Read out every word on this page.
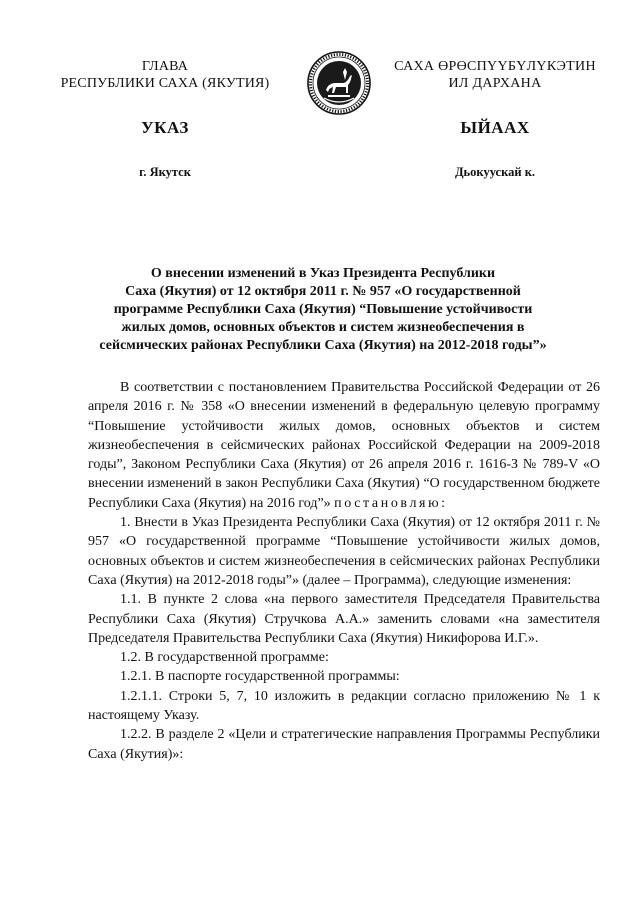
ГЛАВА
РЕСПУБЛИКИ САХА (ЯКУТИЯ)
САХА ӨРӨСПҮҮБҮЛҮКЭТИН
ИЛ ДАРХАНА
УКАЗ	ЫЙААХ
г. Якутск	Дьокуускай к.
О внесении изменений в Указ Президента Республики
Саха (Якутия) от 12 октября 2011 г. № 957 «О государственной
программе Республики Саха (Якутия) “Повышение устойчивости
жилых домов, основных объектов и систем жизнеобеспечения в
сейсмических районах Республики Саха (Якутия) на 2012-2018 годы”»

В соответствии с постановлением Правительства Российской Федерации от 26 апреля 2016 г. № 358 «О внесении изменений в федеральную целевую программу “Повышение устойчивости жилых домов, основных объектов и систем жизнеобеспечения в сейсмических районах Российской Федерации на 2009-2018 годы”, Законом Республики Саха (Якутия) от 26 апреля 2016 г. 1616-З № 789-V «О внесении изменений в закон Республики Саха (Якутия) “О государственном бюджете Республики Саха (Якутия) на 2016 год”» постановляю:

1. Внести в Указ Президента Республики Саха (Якутия) от 12 октября 2011 г. № 957 «О государственной программе “Повышение устойчивости жилых домов, основных объектов и систем жизнеобеспечения в сейсмических районах Республики Саха (Якутия) на 2012-2018 годы”» (далее – Программа), следующие изменения:

1.1. В пункте 2 слова «на первого заместителя Председателя Правительства Республики Саха (Якутия) Стручкова А.А.» заменить словами «на заместителя Председателя Правительства Республики Саха (Якутия) Никифорова И.Г.».

1.2. В государственной программе:

1.2.1. В паспорте государственной программы:

1.2.1.1. Строки 5, 7, 10 изложить в редакции согласно приложению № 1 к настоящему Указу.

1.2.2. В разделе 2 «Цели и стратегические направления Программы Республики Саха (Якутия)»:
